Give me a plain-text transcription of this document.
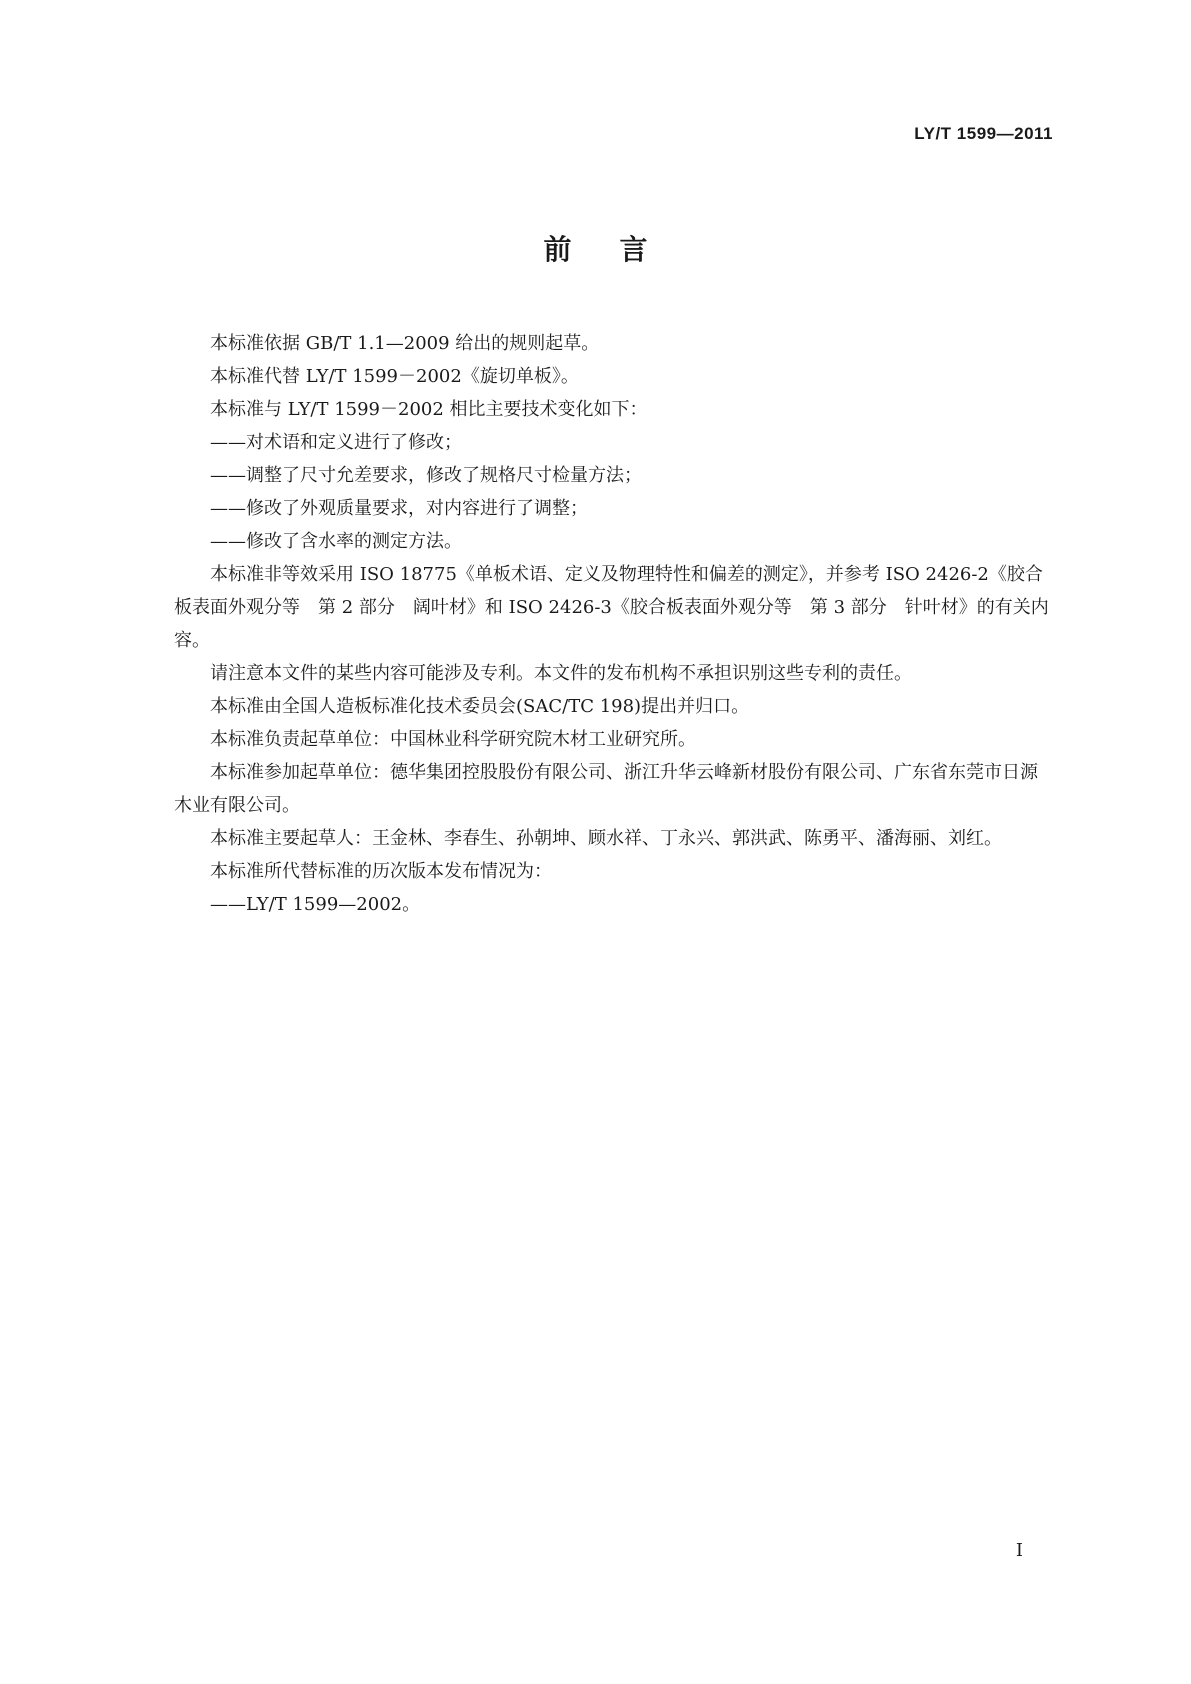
LY/T 1599—2011
前言

本标准依据 GB/T 1.1—2009 给出的规则起草。

本标准代替 LY/T 1599－2002《旋切单板》。

本标准与 LY/T 1599－2002 相比主要技术变化如下：

——对术语和定义进行了修改；

——调整了尺寸允差要求，修改了规格尺寸检量方法；

——修改了外观质量要求，对内容进行了调整；

——修改了含水率的测定方法。

本标准非等效采用 ISO 18775《单板术语、定义及物理特性和偏差的测定》，并参考 ISO 2426-2《胶合板表面外观分等　第 2 部分　阔叶材》和 ISO 2426-3《胶合板表面外观分等　第 3 部分　针叶材》的有关内容。

请注意本文件的某些内容可能涉及专利。本文件的发布机构不承担识别这些专利的责任。

本标准由全国人造板标准化技术委员会(SAC/TC 198)提出并归口。

本标准负责起草单位：中国林业科学研究院木材工业研究所。

本标准参加起草单位：德华集团控股股份有限公司、浙江升华云峰新材股份有限公司、广东省东莞市日源木业有限公司。

本标准主要起草人：王金林、李春生、孙朝坤、顾水祥、丁永兴、郭洪武、陈勇平、潘海丽、刘红。

本标准所代替标准的历次版本发布情况为：

——LY/T 1599—2002。

I
